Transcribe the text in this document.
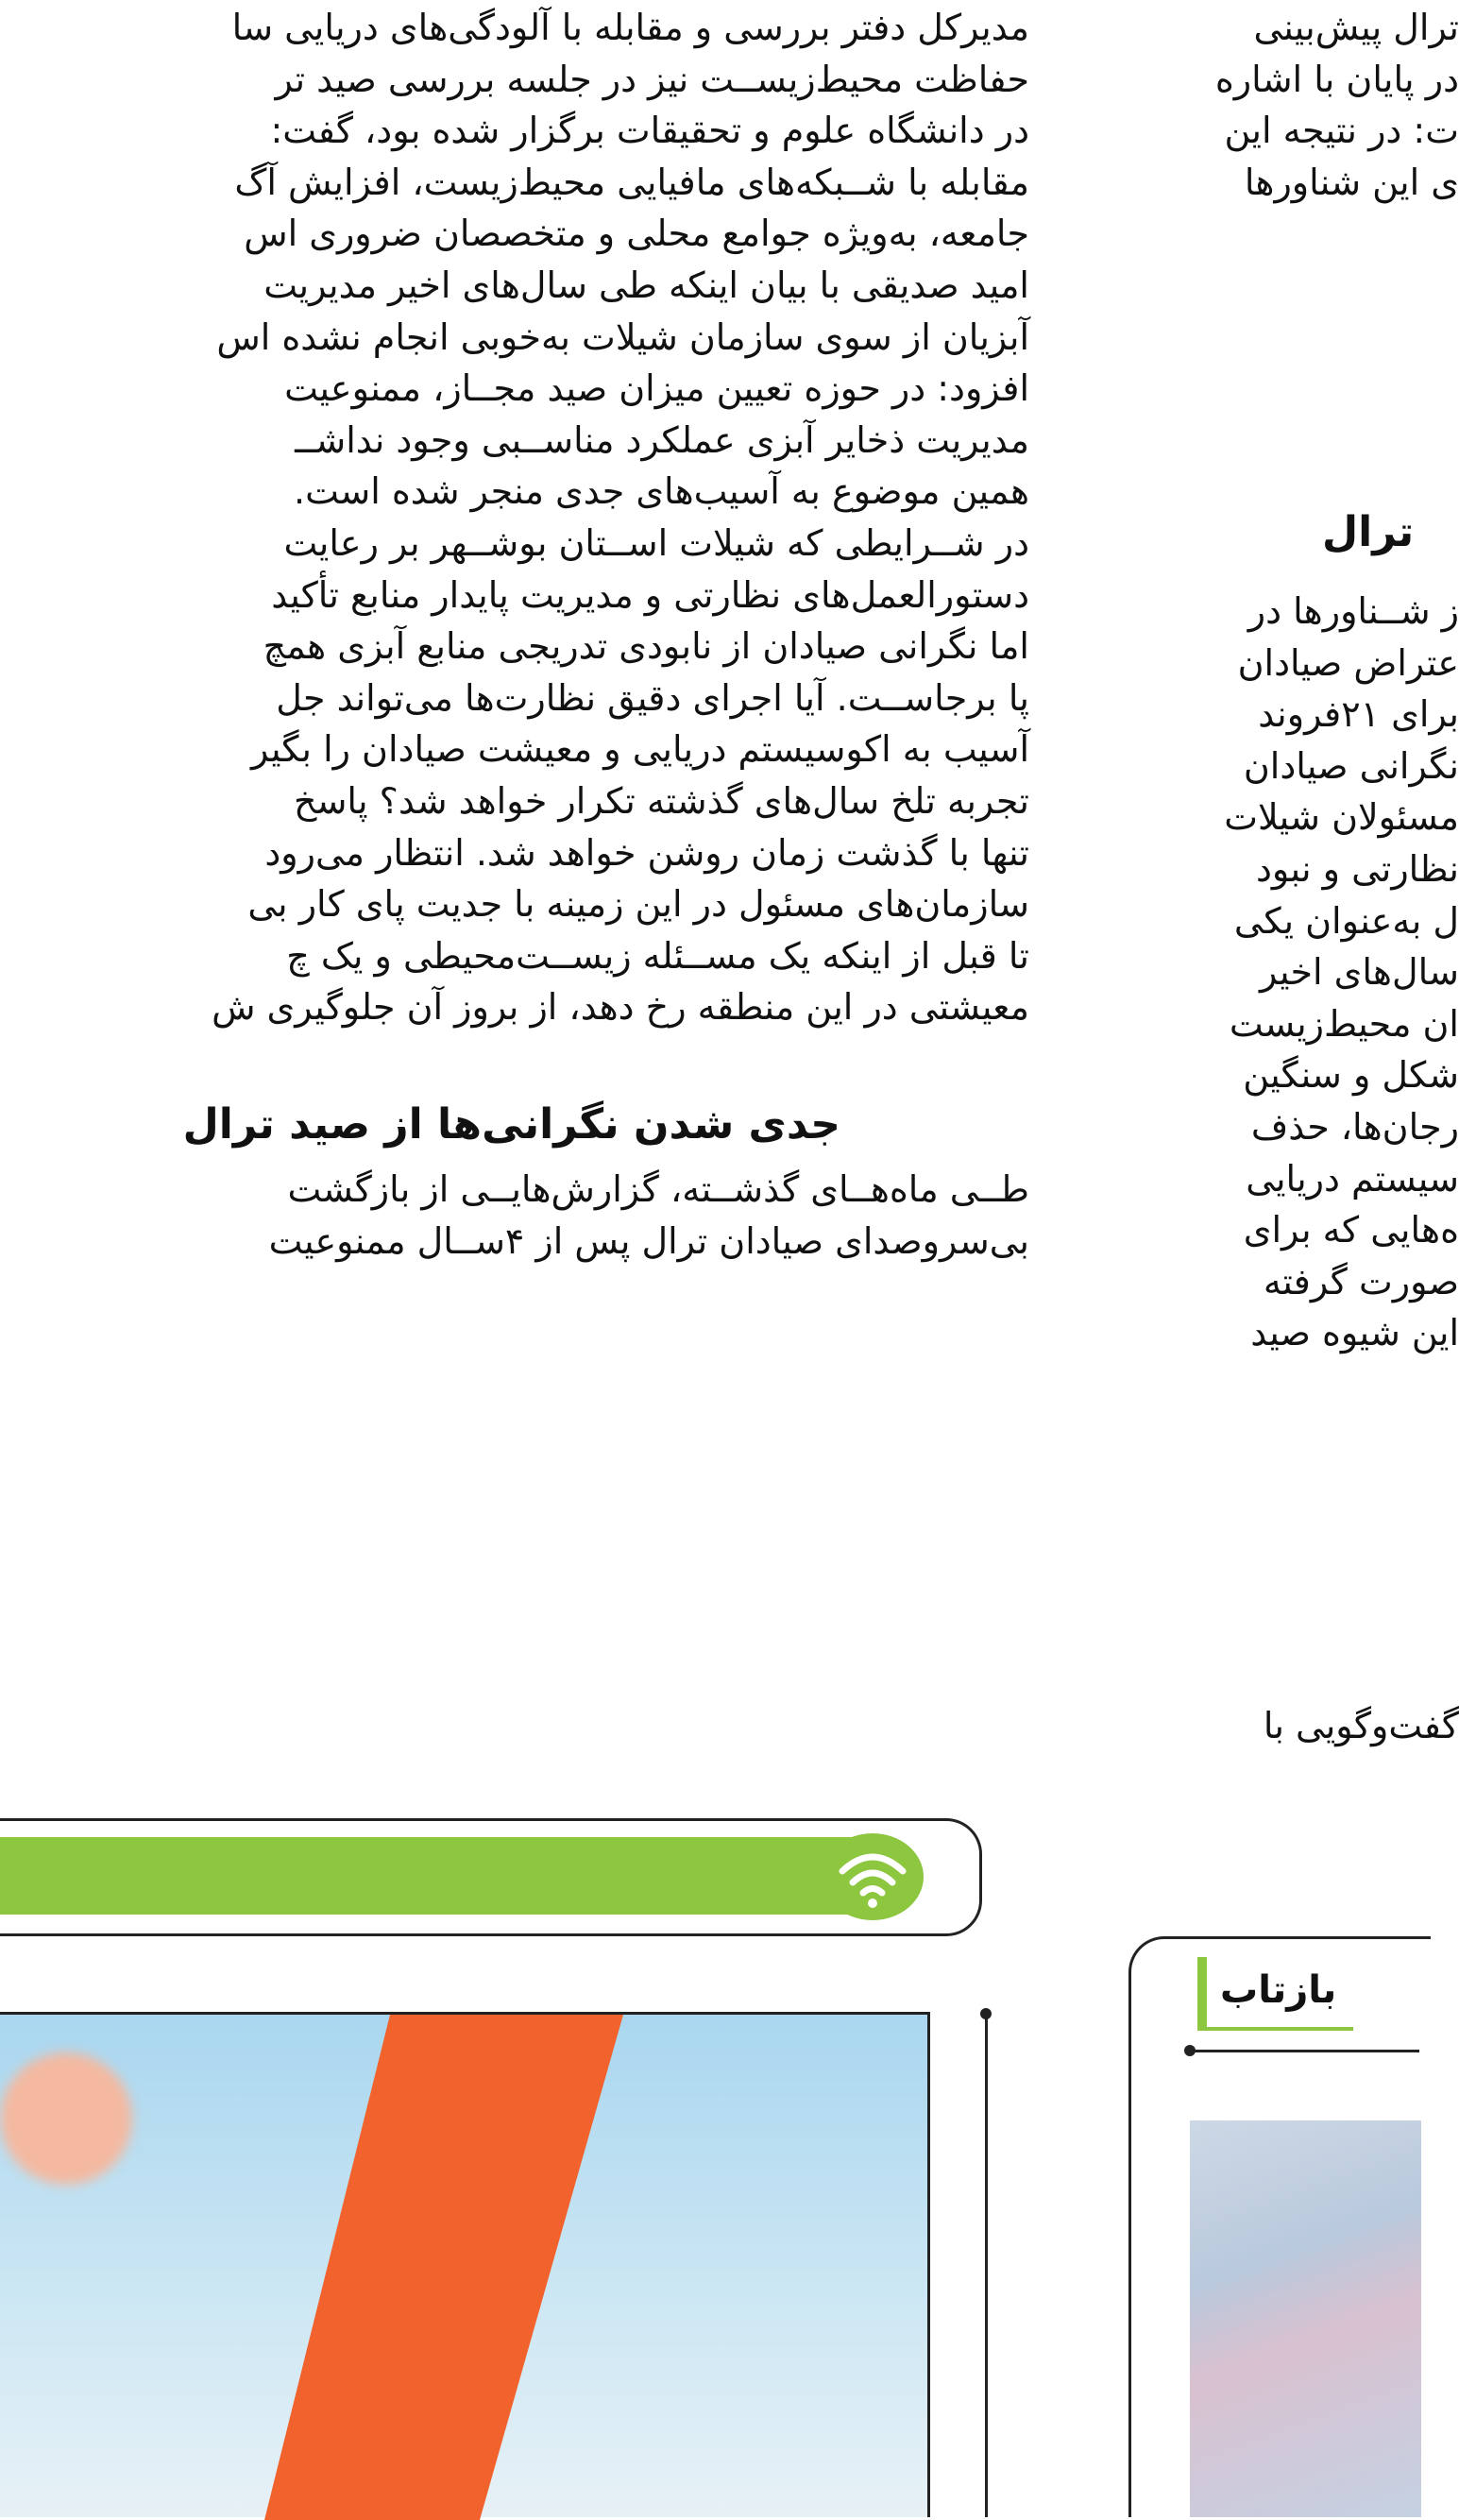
مدیرکل دفتر بررسی و مقابله با آلودگی‌های دریایی سا
حفاظت محیط‌زیســت نیز در جلسه بررسی صید تر
در دانشگاه علوم و تحقیقات برگزار شده بود، گفت:
مقابله با شــبکه‌های مافیایی محیط‌زیست، افزایش آگ
جامعه، به‌ویژه جوامع محلی و متخصصان ضروری اس
امید صدیقی با بیان اینکه طی سال‌های اخیر مدیریت
آبزیان از سوی سازمان شیلات به‌خوبی انجام نشده اس
افزود: در حوزه تعیین میزان صید مجــاز، ممنوعیت
مدیریت ذخایر آبزی عملکرد مناســبی وجود نداشــ
همین موضوع به آسیب‌های جدی منجر شده است.
در شــرایطی که شیلات اســتان بوشــهر بر رعایت
دستورالعمل‌های نظارتی و مدیریت پایدار منابع تأکید
اما نگرانی صیادان از نابودی تدریجی منابع آبزی همچ
پا برجاســت. آیا اجرای دقیق نظارت‌ها می‌تواند جل
آسیب به اکوسیستم دریایی و معیشت صیادان را بگیر
تجربه تلخ سال‌های گذشته تکرار خواهد شد؟ پاسخ
تنها با گذشت زمان روشن خواهد شد. انتظار می‌رود
سازمان‌های مسئول در این زمینه با جدیت پای کار بی
تا قبل از اینکه یک مســئله زیســت‌محیطی و یک چ
معیشتی در این منطقه رخ دهد، از بروز آن جلوگیری ش
جدی شدن نگرانی‌ها از صید ترال
طــی ماه‌هــای گذشــته، گزارش‌هایــی از بازگشت
بی‌سروصدای صیادان ترال پس از ۴ســال ممنوعیت
ترال پیش‌بینی
در پایان با اشاره
ت: در نتیجه این
ی این شناورها
ترال
ز شــناورها در
عتراض صیادان
برای ۲۱فروند
نگرانی صیادان
مسئولان شیلات
نظارتی و نبود
ل به‌عنوان یکی
سال‌های اخیر
ان محیط‌زیست
شکل و سنگین
رجان‌ها، حذف
سیستم دریایی
ه‌هایی که برای
صورت گرفته
این شیوه صید
گفت‌وگویی با
بازتاب
